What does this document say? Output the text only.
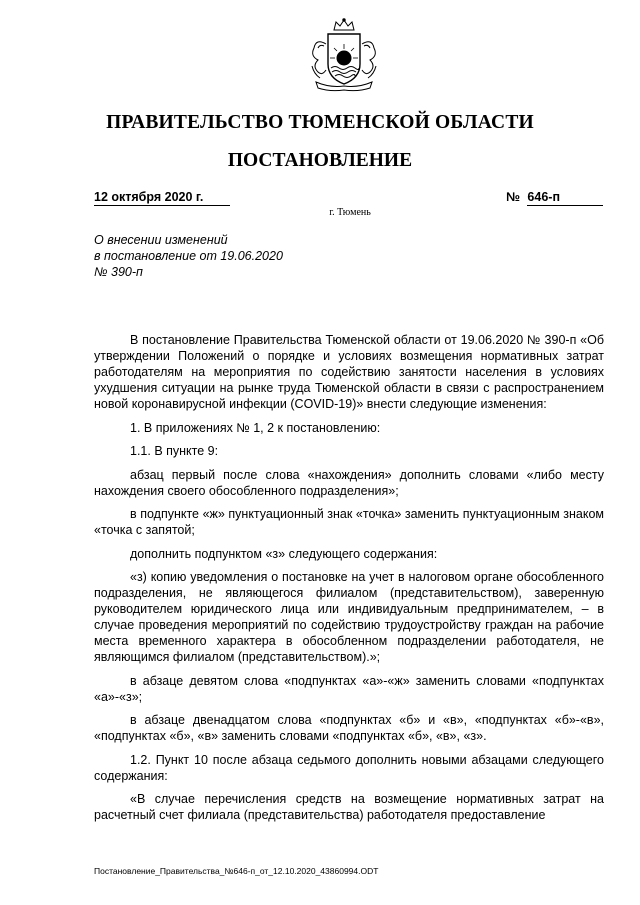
ПРАВИТЕЛЬСТВО ТЮМЕНСКОЙ ОБЛАСТИ
ПОСТАНОВЛЕНИЕ
12 октября 2020 г.	№ 646-п
г. Тюмень
О внесении изменений
в постановление от 19.06.2020
№ 390-п

В постановление Правительства Тюменской области от 19.06.2020 № 390-п «Об утверждении Положений о порядке и условиях возмещения нормативных затрат работодателям на мероприятия по содействию занятости населения в условиях ухудшения ситуации на рынке труда Тюменской области в связи с распространением новой коронавирусной инфекции (COVID-19)» внести следующие изменения:

1. В приложениях № 1, 2 к постановлению:

1.1. В пункте 9:

абзац первый после слова «нахождения» дополнить словами «либо месту нахождения своего обособленного подразделения»;

в подпункте «ж» пунктуационный знак «точка» заменить пунктуационным знаком «точка с запятой;

дополнить подпунктом «з» следующего содержания:

«з) копию уведомления о постановке на учет в налоговом органе обособленного подразделения, не являющегося филиалом (представительством), заверенную руководителем юридического лица или индивидуальным предпринимателем, – в случае проведения мероприятий по содействию трудоустройству граждан на рабочие места временного характера в обособленном подразделении работодателя, не являющимся филиалом (представительством).»;

в абзаце девятом слова «подпунктах «а»-«ж» заменить словами «подпунктах «а»-«з»;

в абзаце двенадцатом слова «подпунктах «б» и «в», «подпунктах «б»-«в», «подпунктах «б», «в» заменить словами «подпунктах «б», «в», «з».

1.2. Пункт 10 после абзаца седьмого дополнить новыми абзацами следующего содержания:

«В случае перечисления средств на возмещение нормативных затрат на расчетный счет филиала (представительства) работодателя предоставление

Постановление_Правительства_№646-п_от_12.10.2020_43860994.ODT
